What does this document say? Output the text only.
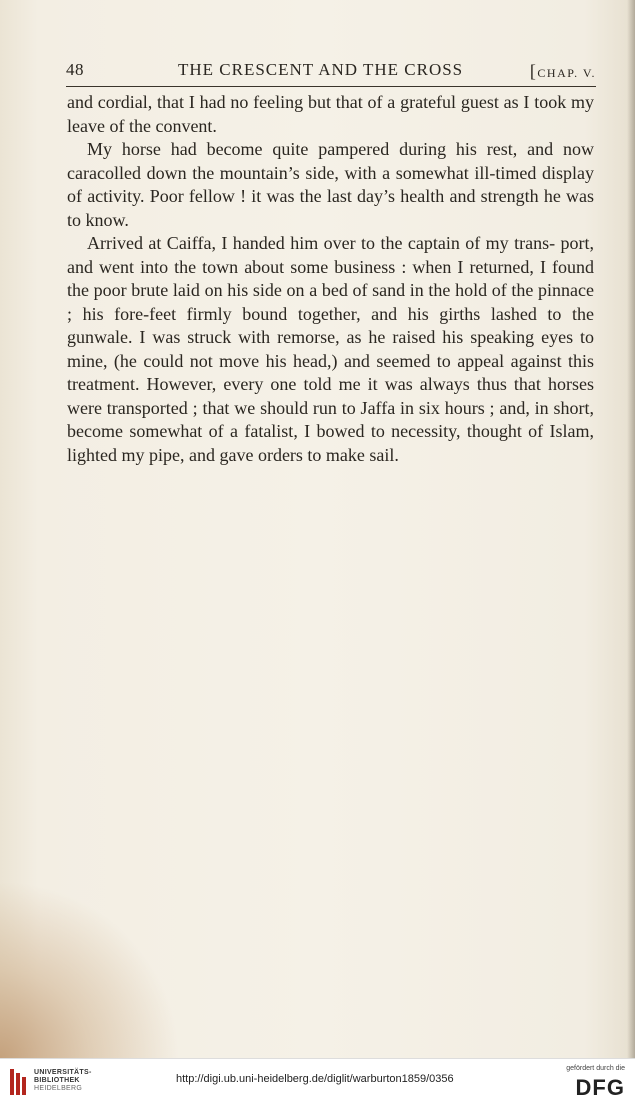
48	THE CRESCENT AND THE CROSS	[CHAP. V.

and cordial, that I had no feeling but that of a grateful guest as I took my leave of the convent.

My horse had become quite pampered during his rest, and now caracolled down the mountain’s side, with a somewhat ill-timed display of activity. Poor fellow ! it was the last day’s health and strength he was to know.

Arrived at Caiffa, I handed him over to the captain of my trans- port, and went into the town about some business : when I returned, I found the poor brute laid on his side on a bed of sand in the hold of the pinnace ; his fore-feet firmly bound together, and his girths lashed to the gunwale. I was struck with remorse, as he raised his speaking eyes to mine, (he could not move his head,) and seemed to appeal against this treatment. However, every one told me it was always thus that horses were transported ; that we should run to Jaffa in six hours ; and, in short, become somewhat of a fatalist, I bowed to necessity, thought of Islam, lighted my pipe, and gave orders to make sail.

UNIVERSITÄTS-
BIBLIOTHEK
HEIDELBERG
http://digi.ub.uni-heidelberg.de/diglit/warburton1859/0356
gefördert durch die
DFG
